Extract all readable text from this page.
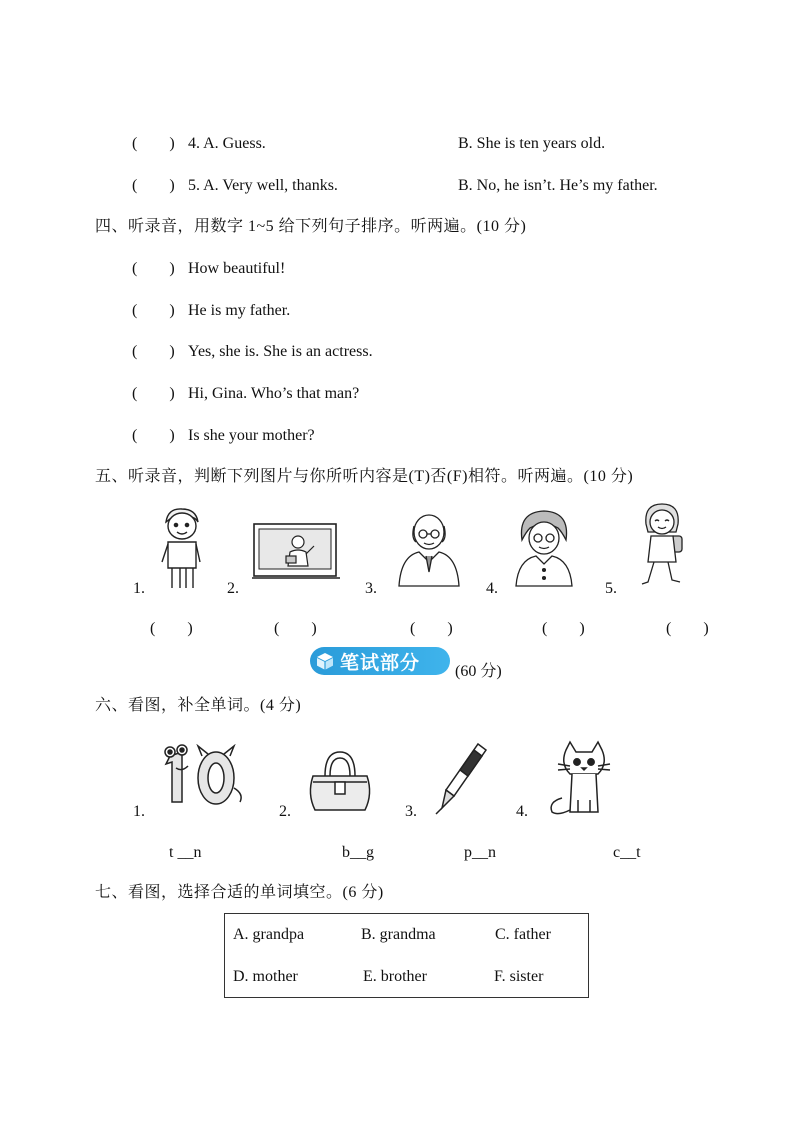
(　　) 4. A. Guess.	B. She is ten years old.
(　　) 5. A. Very well, thanks.	B. No, he isn’t. He’s my father.
四、听录音，用数字 1~5 给下列句子排序。听两遍。(10 分)
(　　) How beautiful!
(　　) He is my father.
(　　) Yes, she is. She is an actress.
(　　) Hi, Gina. Who’s that man?
(　　) Is she your mother?
五、听录音，判断下列图片与你所听内容是(T)否(F)相符。听两遍。(10 分)
1.	2.	3.	4.	5.
(　　)	(　　)	(　　)	(　　)	(　　)
笔试部分 (60 分)
六、看图，补全单词。(4 分)
1.	2.	3.	4.
t __n	b__g	p__n	c__t
七、看图，选择合适的单词填空。(6 分)
A. grandpa	B. grandma	C. father
D. mother	E. brother	F. sister
